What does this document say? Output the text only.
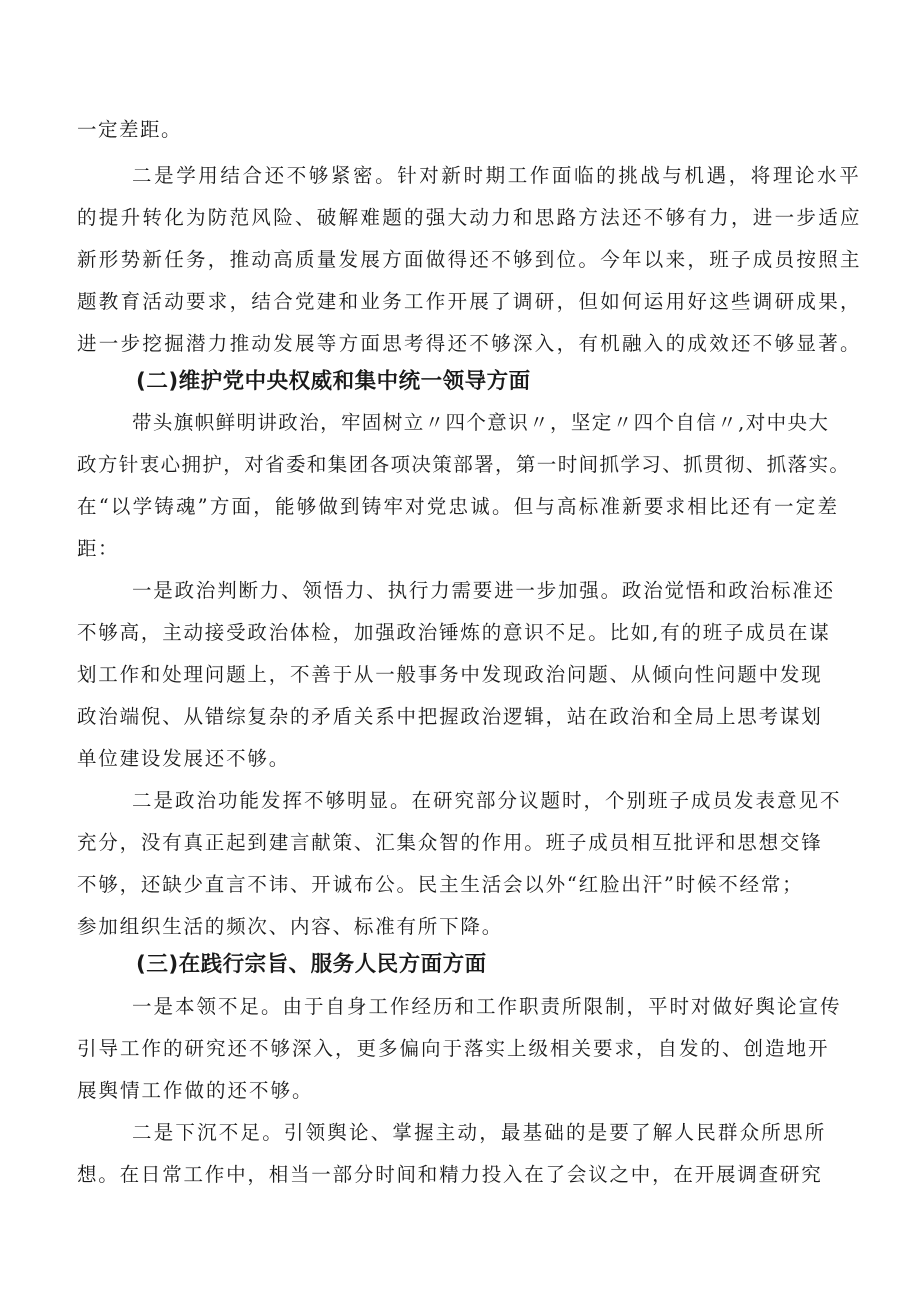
一定差距。
二是学用结合还不够紧密。针对新时期工作面临的挑战与机遇，将理论水平
的提升转化为防范风险、破解难题的强大动力和思路方法还不够有力，进一步适应
新形势新任务，推动高质量发展方面做得还不够到位。今年以来，班子成员按照主
题教育活动要求，结合党建和业务工作开展了调研，但如何运用好这些调研成果，
进一步挖掘潜力推动发展等方面思考得还不够深入，有机融入的成效还不够显著。
(二)维护党中央权威和集中统一领导方面
带头旗帜鲜明讲政治，牢固树立〃四个意识〃，坚定〃四个自信〃,对中央大
政方针衷心拥护，对省委和集团各项决策部署，第一时间抓学习、抓贯彻、抓落实。
在“以学铸魂”方面，能够做到铸牢对党忠诚。但与高标准新要求相比还有一定差
距：
一是政治判断力、领悟力、执行力需要进一步加强。政治觉悟和政治标准还
不够高，主动接受政治体检，加强政治锤炼的意识不足。比如,有的班子成员在谋
划工作和处理问题上，不善于从一般事务中发现政治问题、从倾向性问题中发现
政治端倪、从错综复杂的矛盾关系中把握政治逻辑，站在政治和全局上思考谋划
单位建设发展还不够。
二是政治功能发挥不够明显。在研究部分议题时，个别班子成员发表意见不
充分，没有真正起到建言献策、汇集众智的作用。班子成员相互批评和思想交锋
不够，还缺少直言不讳、开诚布公。民主生活会以外“红脸出汗”时候不经常；
参加组织生活的频次、内容、标准有所下降。
(三)在践行宗旨、服务人民方面方面
一是本领不足。由于自身工作经历和工作职责所限制，平时对做好舆论宣传
引导工作的研究还不够深入，更多偏向于落实上级相关要求，自发的、创造地开
展舆情工作做的还不够。
二是下沉不足。引领舆论、掌握主动，最基础的是要了解人民群众所思所
想。在日常工作中，相当一部分时间和精力投入在了会议之中，在开展调查研究
